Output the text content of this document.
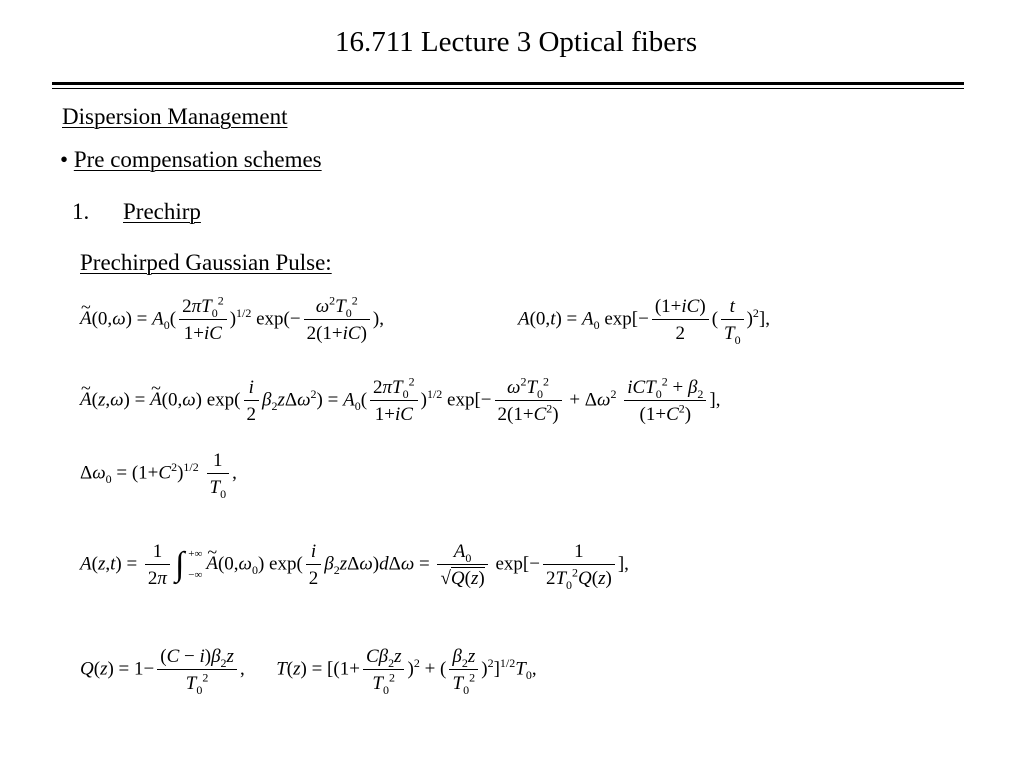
16.711 Lecture 3 Optical fibers
Dispersion Management
• Pre compensation schemes
1. Prechirp
Prechirped Gaussian Pulse:
~ $A(0,\omega) = A_0( \frac{2\pi T_0^2}{1+iC} )^{1/2}$ $\exp(- \frac{\omega^2T_0^2}{2(1+iC)}$ ),	$A(0,t) = A_0$ $\exp[- \frac{(1+iC)}{2}$ ( $\frac{t}{T_0} )^2$],
~ A(z,ω) = ~ A(0,ω) $\exp( \frac{i}{2} \beta_2z\Delta\omega^2) = A_0( \frac{2\pi T_0^2}{1+iC} )^{1/2}$ $\exp[- \frac{\omega^2T_0^2}{2(1+C^2)} + \Delta\omega^2 \frac{iCT_0^2 + \beta_2}{(1+C^2)}$ ],
$\Delta\omega_0 = (1+C^2)^{1/2} \frac{1}{T_0}$ ,
$A(z,t) = \frac{1}{2\pi}$ ∫ +∞
−∞~ $A(0,\omega_0)$ $\exp( \frac{i}{2} \beta_2z\Delta\omega)d\Delta\omega = \frac{A_0}{√Q(z)} \exp[- \frac{1}{2T_0^2Q(z)}$ ],
$Q(z) = 1- \frac{(C - i)\beta_2z}{T_0^2}$ ,  $T(z) = [(1+ \frac{C\beta_2z}{T_0^2} )^2$ + ( $\frac{\beta_2z}{T_0^2} )^2]^{1/2}T_0$,
